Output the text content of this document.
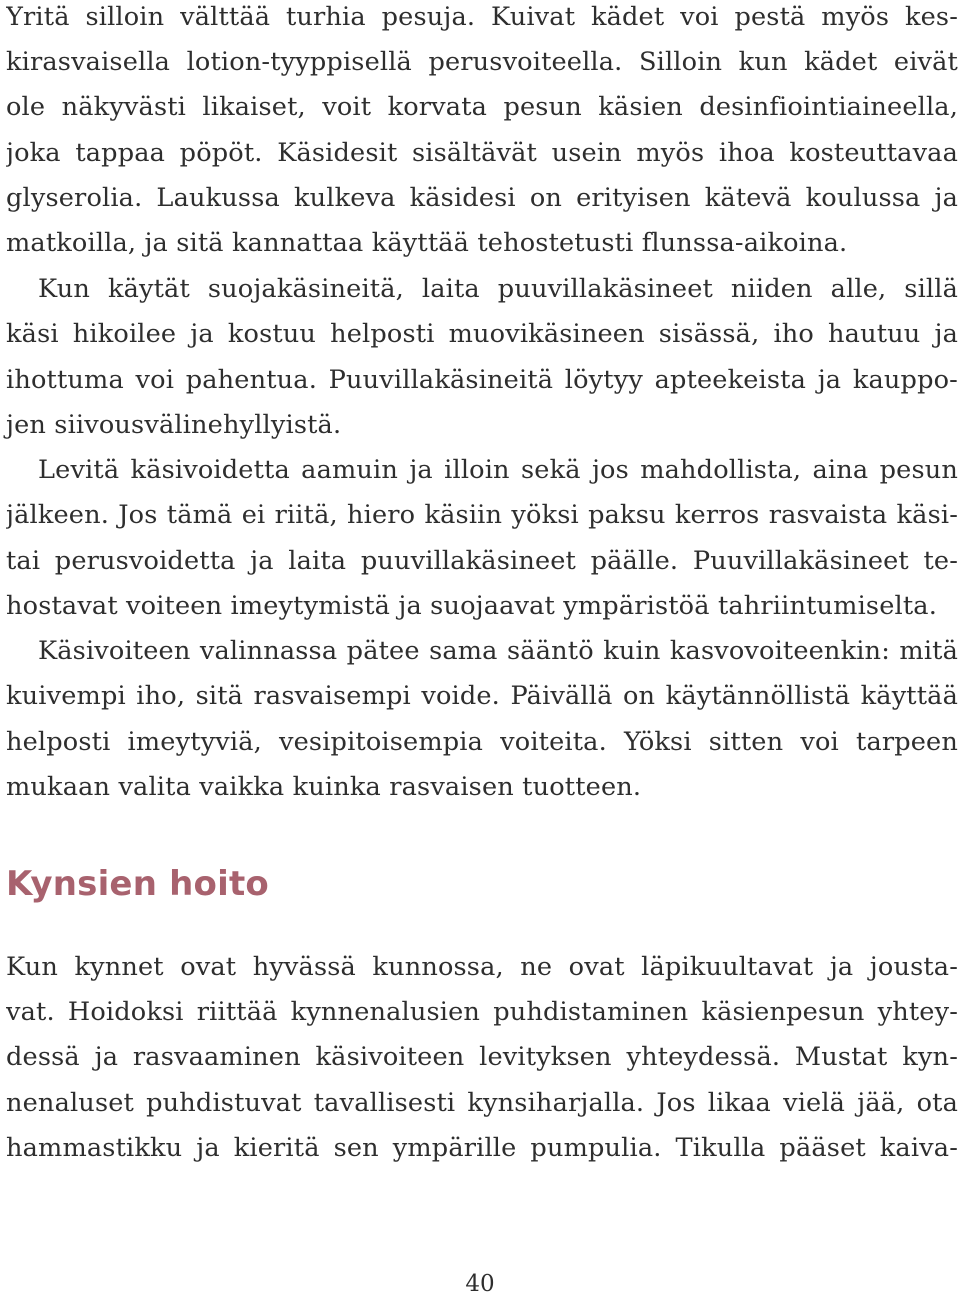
Yritä silloin välttää turhia pesuja. Kuivat kädet voi pestä myös kes-
kirasvaisella lotion-tyyppisellä perusvoiteella. Silloin kun kädet eivät
ole näkyvästi likaiset, voit korvata pesun käsien desinfiointiaineella,
joka tappaa pöpöt. Käsidesit sisältävät usein myös ihoa kosteuttavaa
glyserolia. Laukussa kulkeva käsidesi on erityisen kätevä koulussa ja
matkoilla, ja sitä kannattaa käyttää tehostetusti flunssa-aikoina.
Kun käytät suojakäsineitä, laita puuvillakäsineet niiden alle, sillä
käsi hikoilee ja kostuu helposti muovikäsineen sisässä, iho hautuu ja
ihottuma voi pahentua. Puuvillakäsineitä löytyy apteekeista ja kauppo-
jen siivousvälinehyllyistä.
Levitä käsivoidetta aamuin ja illoin sekä jos mahdollista, aina pesun
jälkeen. Jos tämä ei riitä, hiero käsiin yöksi paksu kerros rasvaista käsi-
tai perusvoidetta ja laita puuvillakäsineet päälle. Puuvillakäsineet te-
hostavat voiteen imeytymistä ja suojaavat ympäristöä tahriintumiselta.
Käsivoiteen valinnassa pätee sama sääntö kuin kasvovoiteenkin: mitä
kuivempi iho, sitä rasvaisempi voide. Päivällä on käytännöllistä käyttää
helposti imeytyviä, vesipitoisempia voiteita. Yöksi sitten voi tarpeen
mukaan valita vaikka kuinka rasvaisen tuotteen.
Kynsien hoito
Kun kynnet ovat hyvässä kunnossa, ne ovat läpikuultavat ja jousta-
vat. Hoidoksi riittää kynnenalusien puhdistaminen käsienpesun yhtey-
dessä ja rasvaaminen käsivoiteen levityksen yhteydessä. Mustat kyn-
nenaluset puhdistuvat tavallisesti kynsiharjalla. Jos likaa vielä jää, ota
hammastikku ja kieritä sen ympärille pumpulia. Tikulla pääset kaiva-
40
